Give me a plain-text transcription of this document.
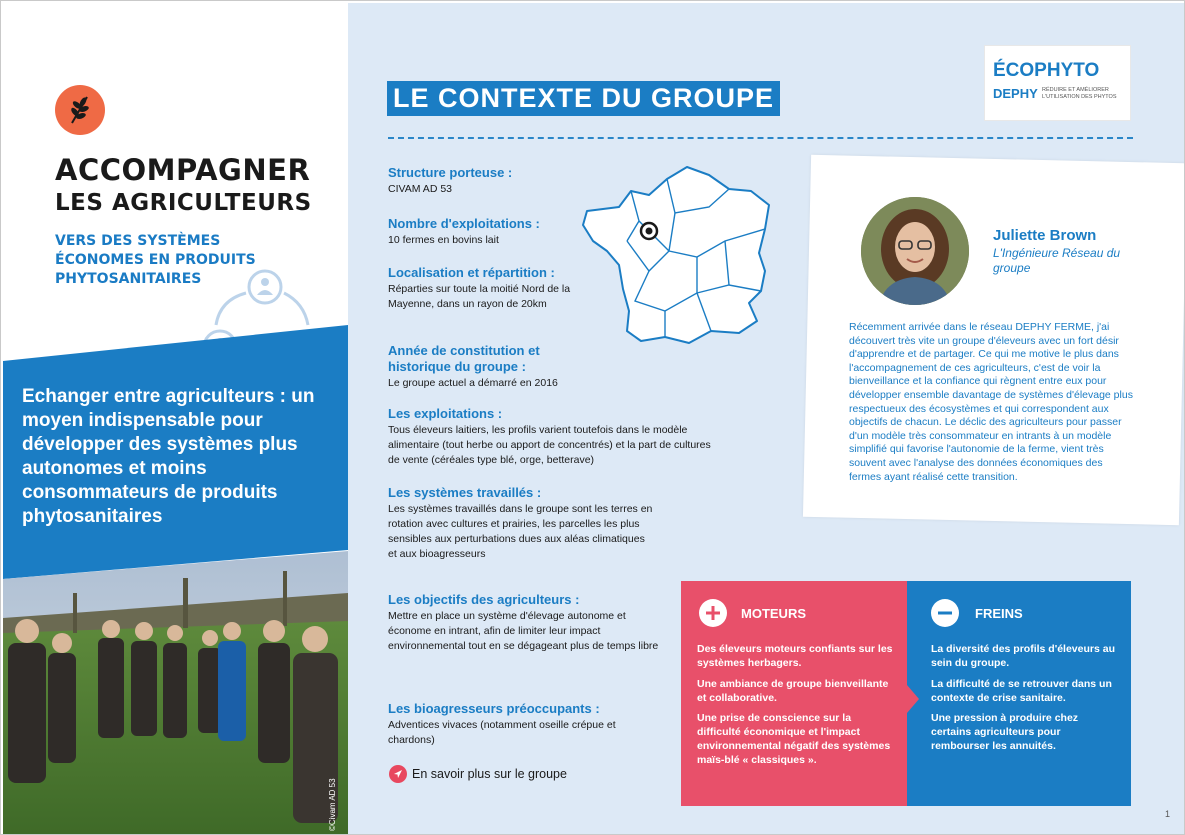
ACCOMPAGNER
LES AGRICULTEURS
VERS DES SYSTÈMES ÉCONOMES EN PRODUITS PHYTOSANITAIRES
Echanger entre agriculteurs : un moyen indispensable pour développer des systèmes plus autonomes et moins consommateurs de produits phytosanitaires
©Civam AD 53
LE CONTEXTE DU GROUPE
ÉCOPHYTO
DEPHY RÉDUIRE ET AMÉLIORER L'UTILISATION DES PHYTOS
Structure porteuse :
CIVAM AD 53
Nombre d'exploitations :
10 fermes en bovins lait
Localisation et répartition :
Réparties sur toute la moitié Nord de la Mayenne, dans un rayon de 20km
Année de constitution et historique du groupe :
Le groupe actuel a démarré en 2016
Les exploitations :
Tous éleveurs laitiers, les profils varient toutefois dans le modèle alimentaire (tout herbe ou apport de concentrés) et la part de cultures de vente (céréales type blé, orge, betterave)
Les systèmes travaillés :
Les systèmes travaillés dans le groupe sont les terres en rotation avec cultures et prairies, les parcelles les plus sensibles aux perturbations dues aux aléas climatiques et aux bioagresseurs
Les objectifs des agriculteurs :
Mettre en place un système d'élevage autonome et économe en intrant, afin de limiter leur impact environnemental tout en se dégageant plus de temps libre
Les bioagresseurs préoccupants :
Adventices vivaces (notamment oseille crépue et chardons)
Juliette Brown
L'Ingénieure Réseau du groupe
Récemment arrivée dans le réseau DEPHY FERME, j'ai découvert très vite un groupe d'éleveurs avec un fort désir d'apprendre et de partager. Ce qui me motive le plus dans l'accompagnement de ces agriculteurs, c'est de voir la bienveillance et la confiance qui règnent entre eux pour développer ensemble davantage de systèmes d'élevage plus respectueux des écosystèmes et qui correspondent aux objectifs de chacun. Le déclic des agriculteurs pour passer d'un modèle très consommateur en intrants à un modèle simplifié qui favorise l'autonomie de la ferme, vient très souvent avec l'analyse des données économiques des fermes ayant réalisé cette transition.
En savoir plus sur le groupe
MOTEURS
Des éleveurs moteurs confiants sur les systèmes herbagers.
Une ambiance de groupe bienveillante et collaborative.
Une prise de conscience sur la difficulté économique et l'impact environnemental négatif des systèmes maïs-blé « classiques ».
FREINS
La diversité des profils d'éleveurs au sein du groupe.
La difficulté de se retrouver dans un contexte de crise sanitaire.
Une pression à produire chez certains agriculteurs pour rembourser les annuités.
1
